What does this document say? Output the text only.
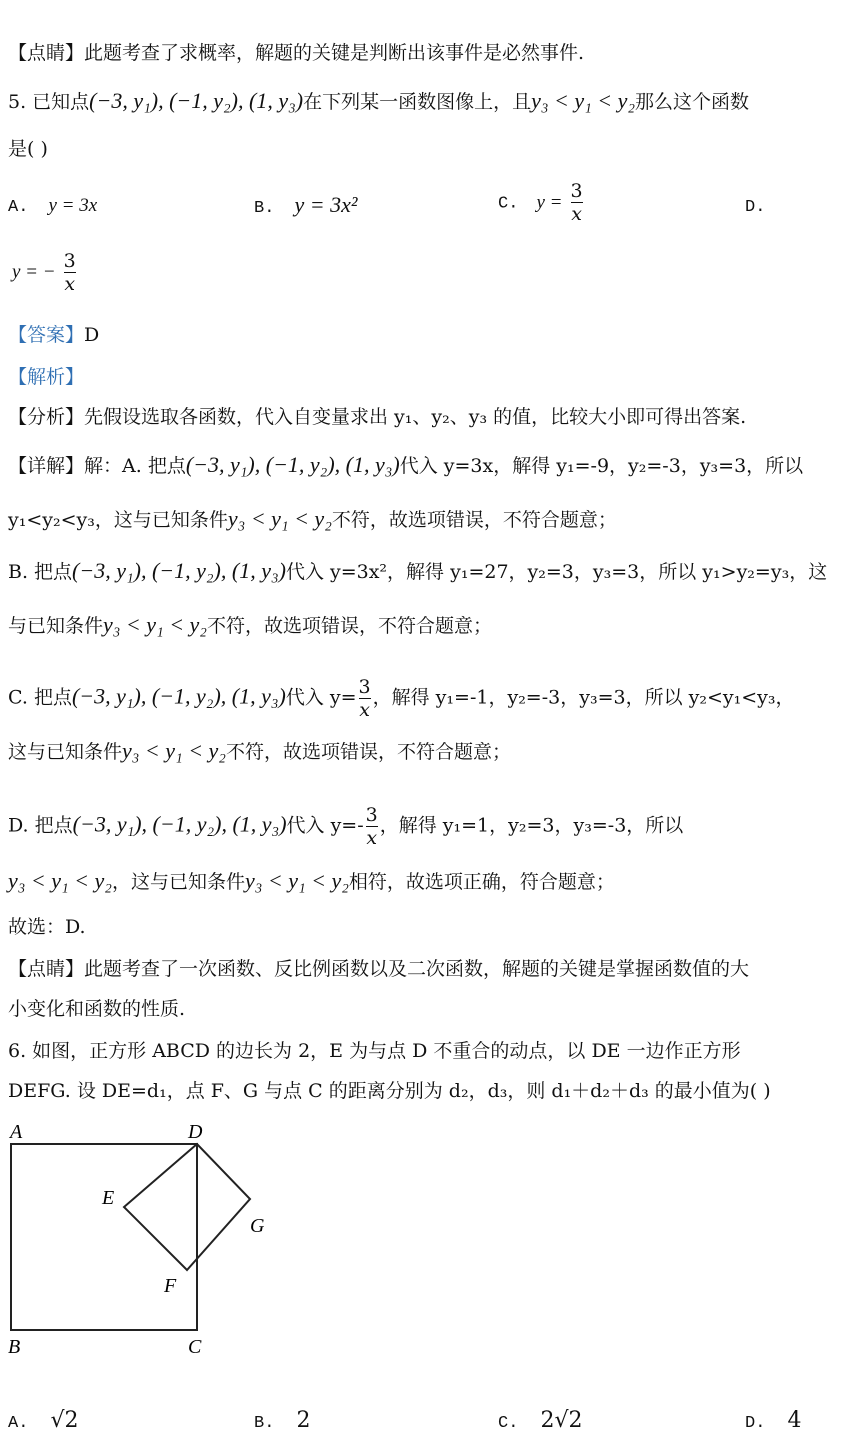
【点睛】此题考查了求概率，解题的关键是判断出该事件是必然事件.
5. 已知点(−3, y₁), (−1, y₂), (1, y₃)在下列某一函数图像上，且y₃ < y₁ < y₂那么这个函数
是( )
A. y = 3x	B. y = 3x²	C. $y = \frac{3}{x}$	D.
y = − $\frac{3}{x}$
【答案】D
【解析】
【分析】先假设选取各函数，代入自变量求出 y₁、y₂、y₃ 的值，比较大小即可得出答案.
【详解】解：A. 把点(−3, y₁), (−1, y₂), (1, y₃)代入 y=3x，解得 y₁=-9，y₂=-3，y₃=3，所以
y₁<y₂<y₃，这与已知条件y₃ < y₁ < y₂不符，故选项错误，不符合题意；
B. 把点(−3, y₁), (−1, y₂), (1, y₃)代入 y=3x²，解得 y₁=27，y₂=3，y₃=3，所以 y₁>y₂=y₃，这
与已知条件y₃ < y₁ < y₂不符，故选项错误，不符合题意；
C. 把点(−3, y₁), (−1, y₂), (1, y₃)代入 $y= \frac{3}{x}$ ，解得 y₁=-1，y₂=-3，y₃=3，所以 y₂<y₁<y₃，
这与已知条件y₃ < y₁ < y₂不符，故选项错误，不符合题意；
D. 把点(−3, y₁), (−1, y₂), (1, y₃)代入 $y=- \frac{3}{x}$ ，解得 y₁=1，y₂=3，y₃=-3，所以
y₃ < y₁ < y₂，这与已知条件y₃ < y₁ < y₂相符，故选项正确，符合题意；
故选：D.
【点睛】此题考查了一次函数、反比例函数以及二次函数，解题的关键是掌握函数值的大
小变化和函数的性质.
6. 如图，正方形 ABCD 的边长为 2，E 为与点 D 不重合的动点，以 DE 一边作正方形
DEFG. 设 DE=d₁，点 F、G 与点 C 的距离分别为 d₂，d₃，则 d₁＋d₂＋d₃ 的最小值为( )
A	D
E
G
F
B	C
A. √2	B. 2	C. 2√2	D. 4
